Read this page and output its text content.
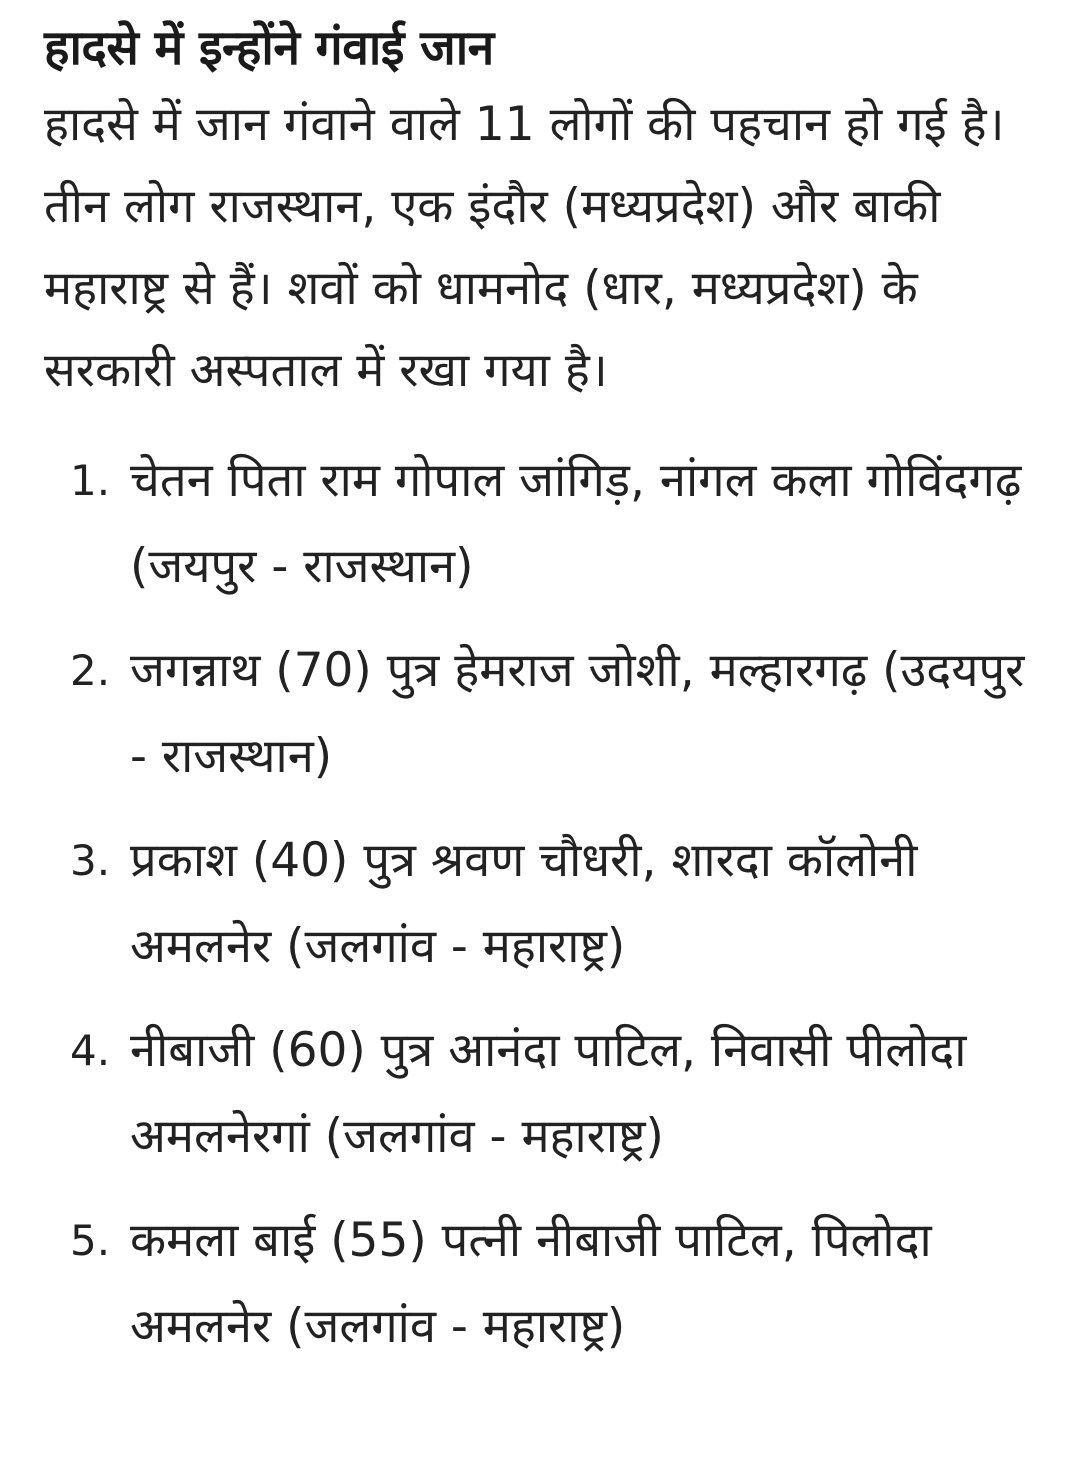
हादसे में इन्होंने गंवाई जान

हादसे में जान गंवाने वाले 11 लोगों की पहचान हो गई है। तीन लोग राजस्थान, एक इंदौर (मध्यप्रदेश) और बाकी महाराष्ट्र से हैं। शवों को धामनोद (धार, मध्यप्रदेश) के सरकारी अस्पताल में रखा गया है।

1. चेतन पिता राम गोपाल जांगिड़, नांगल कला गोविंदगढ़ (जयपुर - राजस्थान)
2. जगन्नाथ (70) पुत्र हेमराज जोशी, मल्हारगढ़ (उदयपुर - राजस्थान)
3. प्रकाश (40) पुत्र श्रवण चौधरी, शारदा कॉलोनी अमलनेर (जलगांव - महाराष्ट्र)
4. नीबाजी (60) पुत्र आनंदा पाटिल, निवासी पीलोदा अमलनेरगां (जलगांव - महाराष्ट्र)
5. कमला बाई (55) पत्नी नीबाजी पाटिल, पिलोदा अमलनेर (जलगांव - महाराष्ट्र)
